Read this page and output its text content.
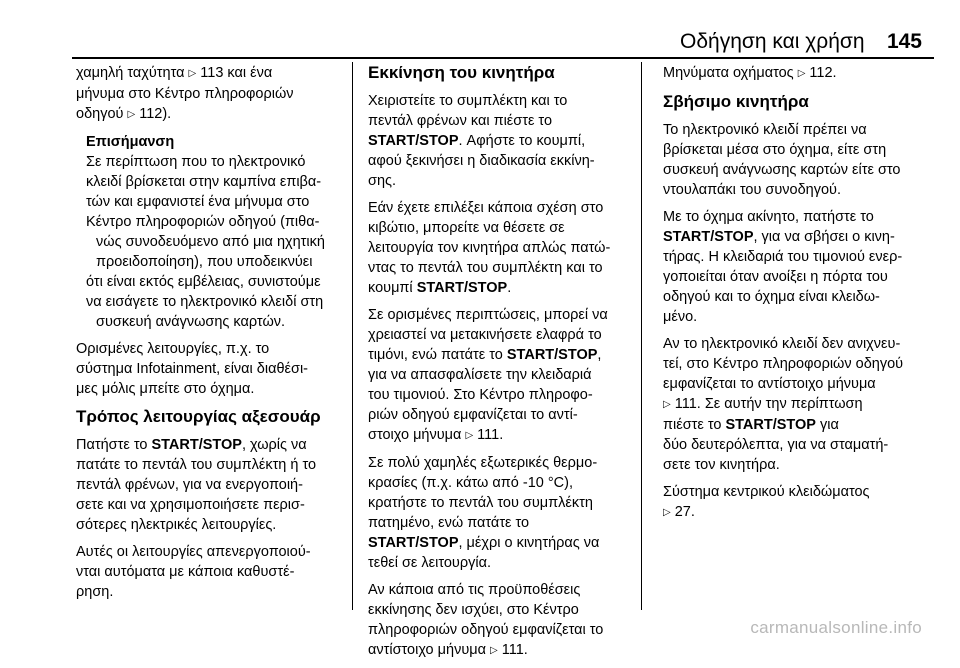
Οδήγηση και χρήση 145

χαμηλή ταχύτητα ▷ 113 και ένα
μήνυμα στο Κέντρο πληροφοριών
οδηγού ▷ 112).

Επισήμανση

Σε περίπτωση που το ηλεκτρονικό
κλειδί βρίσκεται στην καμπίνα επιβα-
τών και εμφανιστεί ένα μήνυμα στο
Κέντρο πληροφοριών οδηγού (πιθα-
νώς συνοδευόμενο από μια ηχητική
προειδοποίηση), που υποδεικνύει
ότι είναι εκτός εμβέλειας, συνιστούμε
να εισάγετε το ηλεκτρονικό κλειδί στη
συσκευή ανάγνωσης καρτών.

Ορισμένες λειτουργίες, π.χ. το
σύστημα Infotainment, είναι διαθέσι-
μες μόλις μπείτε στο όχημα.

Τρόπος λειτουργίας αξεσουάρ

Πατήστε το START/STOP, χωρίς να
πατάτε το πεντάλ του συμπλέκτη ή το
πεντάλ φρένων, για να ενεργοποιή-
σετε και να χρησιμοποιήσετε περισ-
σότερες ηλεκτρικές λειτουργίες.

Αυτές οι λειτουργίες απενεργοποιού-
νται αυτόματα με κάποια καθυστέ-
ρηση.

Εκκίνηση του κινητήρα

Χειριστείτε το συμπλέκτη και το
πεντάλ φρένων και πιέστε το
START/STOP. Αφήστε το κουμπί,
αφού ξεκινήσει η διαδικασία εκκίνη-
σης.

Εάν έχετε επιλέξει κάποια σχέση στο
κιβώτιο, μπορείτε να θέσετε σε
λειτουργία τον κινητήρα απλώς πατώ-
ντας το πεντάλ του συμπλέκτη και το
κουμπί START/STOP.

Σε ορισμένες περιπτώσεις, μπορεί να
χρειαστεί να μετακινήσετε ελαφρά το
τιμόνι, ενώ πατάτε το START/STOP,
για να απασφαλίσετε την κλειδαριά
του τιμονιού. Στο Κέντρο πληροφο-
ριών οδηγού εμφανίζεται το αντί-
στοιχο μήνυμα ▷ 111.

Σε πολύ χαμηλές εξωτερικές θερμο-
κρασίες (π.χ. κάτω από -10 °C),
κρατήστε το πεντάλ του συμπλέκτη
πατημένο, ενώ πατάτε το
START/STOP, μέχρι ο κινητήρας να
τεθεί σε λειτουργία.

Αν κάποια από τις προϋποθέσεις
εκκίνησης δεν ισχύει, στο Κέντρο
πληροφοριών οδηγού εμφανίζεται το
αντίστοιχο μήνυμα ▷ 111.

Μηνύματα οχήματος ▷ 112.

Σβήσιμο κινητήρα

Το ηλεκτρονικό κλειδί πρέπει να
βρίσκεται μέσα στο όχημα, είτε στη
συσκευή ανάγνωσης καρτών είτε στο
ντουλαπάκι του συνοδηγού.

Με το όχημα ακίνητο, πατήστε το
START/STOP, για να σβήσει ο κινη-
τήρας. Η κλειδαριά του τιμονιού ενερ-
γοποιείται όταν ανοίξει η πόρτα του
οδηγού και το όχημα είναι κλειδω-
μένο.

Αν το ηλεκτρονικό κλειδί δεν ανιχνευ-
τεί, στο Κέντρο πληροφοριών οδηγού
εμφανίζεται το αντίστοιχο μήνυμα
▷ 111. Σε αυτήν την περίπτωση
πιέστε το START/STOP για
δύο δευτερόλεπτα, για να σταματή-
σετε τον κινητήρα.

Σύστημα κεντρικού κλειδώματος
▷ 27.

carmanualsonline.info
